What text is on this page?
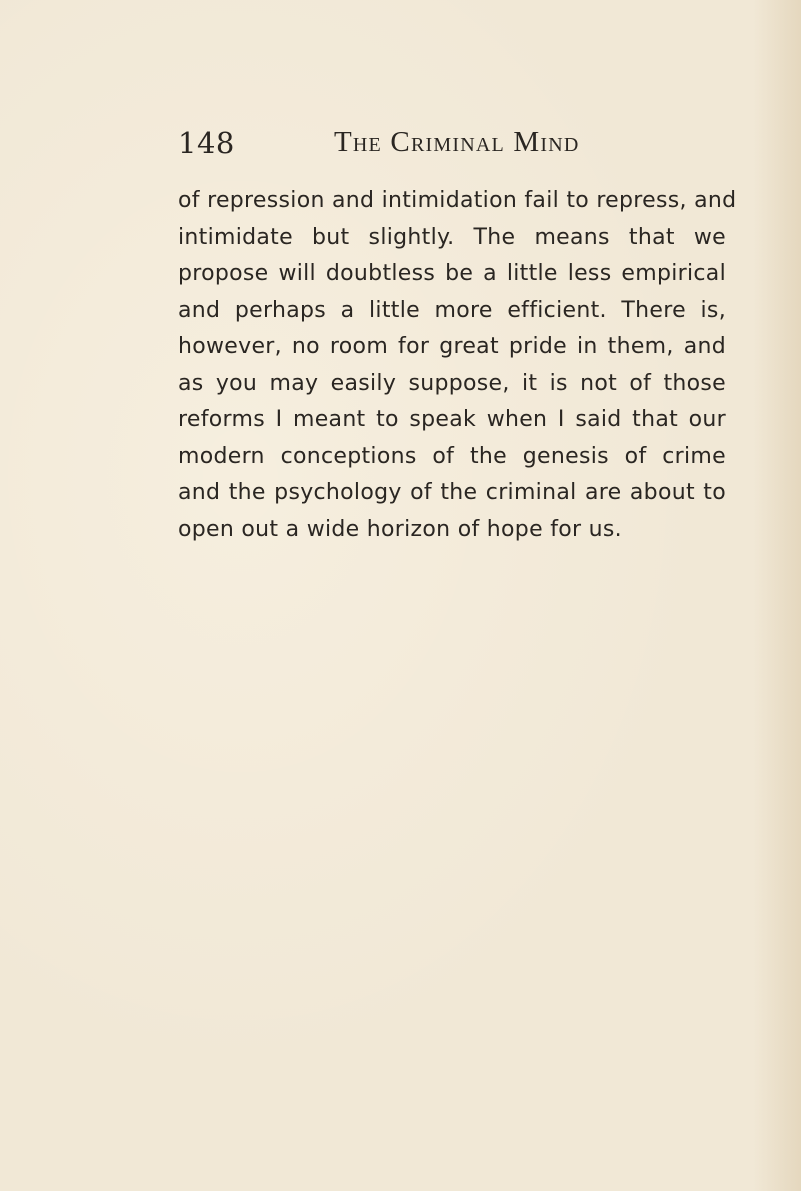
148	The Criminal Mind
of repression and intimidation fail to repress, and
intimidate but slightly. The means that we
propose will doubtless be a little less empirical
and perhaps a little more efficient. There is,
however, no room for great pride in them, and
as you may easily suppose, it is not of those
reforms I meant to speak when I said that our
modern conceptions of the genesis of crime
and the psychology of the criminal are about to
open out a wide horizon of hope for us.
